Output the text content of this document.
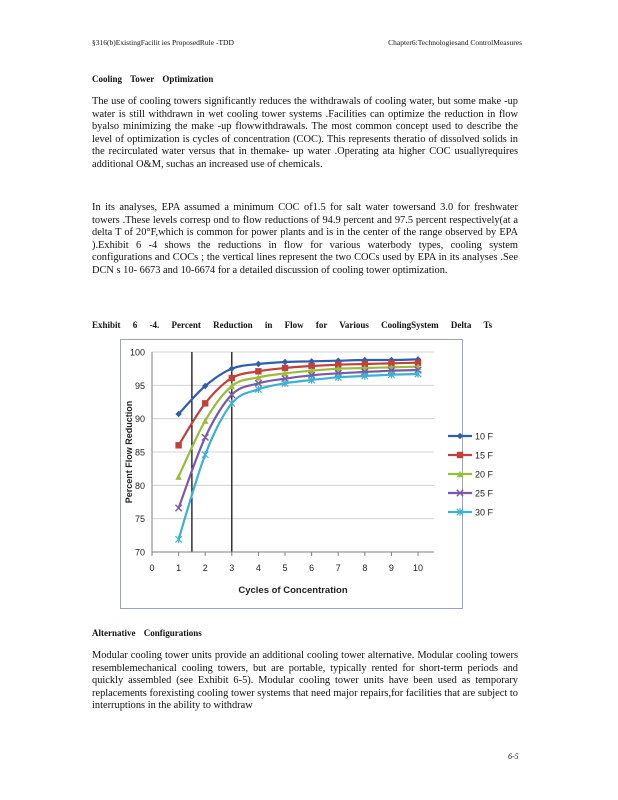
§316(b)ExistingFacilit ies ProposedRule -TDD	Chapter6:Technologiesand ControlMeasures
Cooling Tower Optimization

The use of cooling towers significantly reduces the withdrawals of cooling water, but some make -up water is still withdrawn in wet cooling tower systems .Facilities can optimize the reduction in flow byalso minimizing the make -up flowwithdrawals. The most common concept used to describe the level of optimization is cycles of concentration (COC). This represents theratio of dissolved solids in the recirculated water versus that in themake- up water .Operating ata higher COC usuallyrequires additional O&M, suchas an increased use of chemicals.

In its analyses, EPA assumed a minimum COC of1.5 for salt water towersand 3.0 for freshwater towers .These levels corresp ond to flow reductions of 94.9 percent and 97.5 percent respectively(at a delta T of 20°F,which is common for power plants and is in the center of the range observed by EPA ).Exhibit 6 -4 shows the reductions in flow for various waterbody types, cooling system configurations and COCs ; the vertical lines represent the two COCs used by EPA in its analyses .See DCN s 10- 6673 and 10-6674 for a detailed discussion of cooling tower optimization.

Exhibit 6 -4. Percent Reduction in Flow for Various CoolingSystem Delta Ts
70
75
80
85
90
95
100
0 1 2 3 4 5 6 7 8 9 10
Cycles of Concentration
Percent Flow Reduction	10 F
15 F
20 F
25 F
30 F
Alternative Configurations

Modular cooling tower units provide an additional cooling tower alternative. Modular cooling towers resemblemechanical cooling towers, but are portable, typically rented for short-term periods and quickly assembled (see Exhibit 6-5). Modular cooling tower units have been used as temporary replacements forexisting cooling tower systems that need major repairs,for facilities that are subject to interruptions in the ability to withdraw

6-5
